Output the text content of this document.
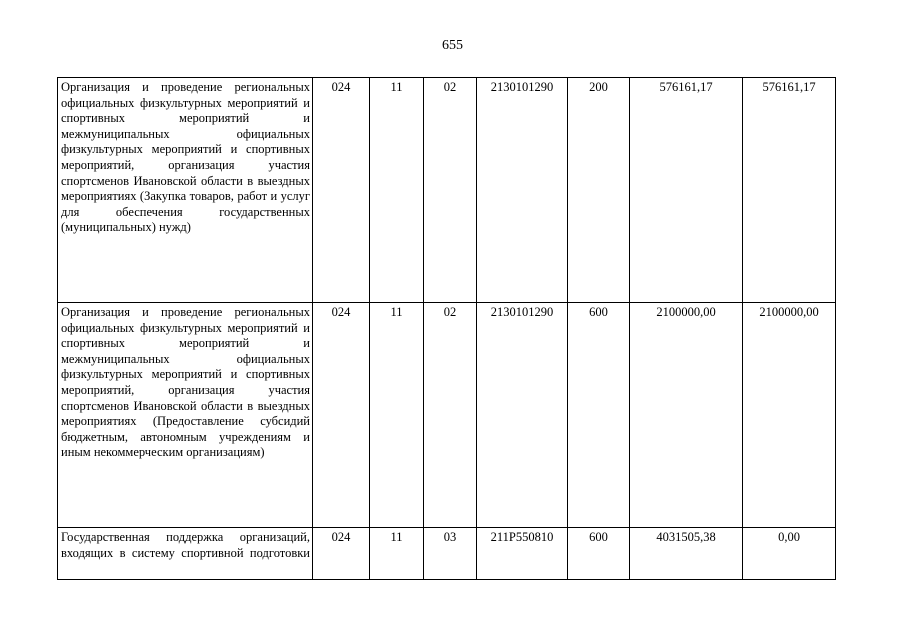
655
Организация и проведение региональных официальных физкультурных мероприятий и спортивных мероприятий и межмуниципальных официальных физкультурных мероприятий и спортивных мероприятий, организация участия спортсменов Ивановской области в выездных мероприятиях (Закупка товаров, работ и услуг для обеспечения государственных (муниципальных) нужд)	024	11	02	2130101290	200	576161,17	576161,17
Организация и проведение региональных официальных физкультурных мероприятий и спортивных мероприятий и межмуниципальных официальных физкультурных мероприятий и спортивных мероприятий, организация участия спортсменов Ивановской области в выездных мероприятиях (Предоставление субсидий бюджетным, автономным учреждениям и иным некоммерческим организациям)	024	11	02	2130101290	600	2100000,00	2100000,00
Государственная поддержка организаций, входящих в систему спортивной подготовки	024	11	03	211P550810	600	4031505,38	0,00
